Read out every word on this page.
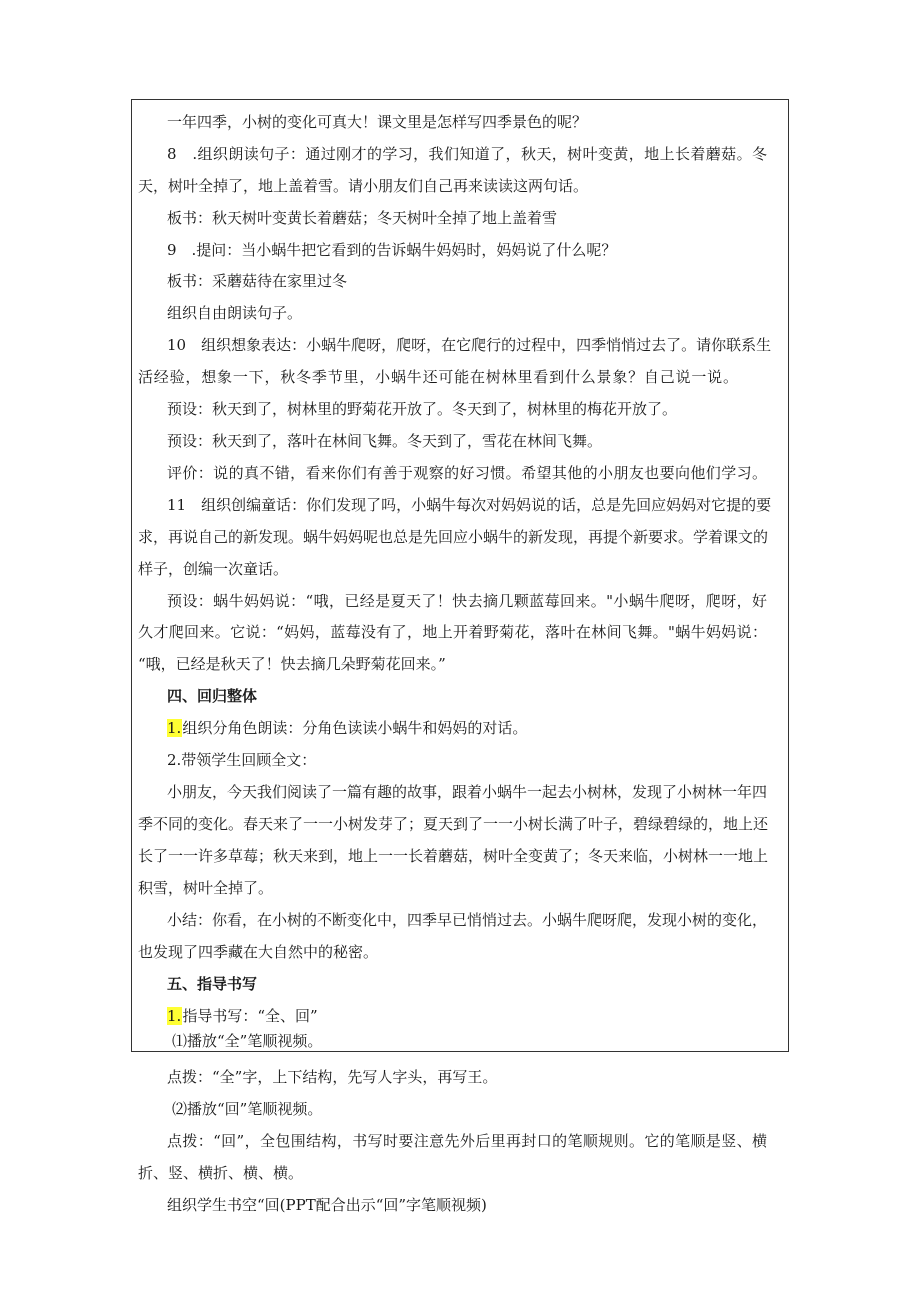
一年四季，小树的变化可真大！课文里是怎样写四季景色的呢？
8　.组织朗读句子：通过刚才的学习，我们知道了，秋天，树叶变黄，地上长着蘑菇。冬
天，树叶全掉了，地上盖着雪。请小朋友们自己再来读读这两句话。
板书：秋天树叶变黄长着蘑菇；冬天树叶全掉了地上盖着雪
9　.提问：当小蜗牛把它看到的告诉蜗牛妈妈时，妈妈说了什么呢？
板书：采蘑菇待在家里过冬
组织自由朗读句子。
10　组织想象表达：小蜗牛爬呀，爬呀，在它爬行的过程中，四季悄悄过去了。请你联系生
活经验，想象一下，秋冬季节里，小蜗牛还可能在树林里看到什么景象？自己说一说。
预设：秋天到了，树林里的野菊花开放了。冬天到了，树林里的梅花开放了。
预设：秋天到了，落叶在林间飞舞。冬天到了，雪花在林间飞舞。
评价：说的真不错，看来你们有善于观察的好习惯。希望其他的小朋友也要向他们学习。
11　组织创编童话：你们发现了吗，小蜗牛每次对妈妈说的话，总是先回应妈妈对它提的要
求，再说自己的新发现。蜗牛妈妈呢也总是先回应小蜗牛的新发现，再提个新要求。学着课文的
样子，创编一次童话。
预设：蜗牛妈妈说：“哦，已经是夏天了！快去摘几颗蓝莓回来。"小蜗牛爬呀，爬呀，好
久才爬回来。它说：“妈妈，蓝莓没有了，地上开着野菊花，落叶在林间飞舞。"蜗牛妈妈说：
“哦，已经是秋天了！快去摘几朵野菊花回来。”
四、回归整体
1.组织分角色朗读：分角色读读小蜗牛和妈妈的对话。
2.带领学生回顾全文：
小朋友，今天我们阅读了一篇有趣的故事，跟着小蜗牛一起去小树林，发现了小树林一年四
季不同的变化。春天来了一一小树发芽了；夏天到了一一小树长满了叶子，碧绿碧绿的，地上还
长了一一许多草莓；秋天来到，地上一一长着蘑菇，树叶全变黄了；冬天来临，小树林一一地上
积雪，树叶全掉了。
小结：你看，在小树的不断变化中，四季早已悄悄过去。小蜗牛爬呀爬，发现小树的变化，
也发现了四季藏在大自然中的秘密。
五、指导书写
1.指导书写：“全、回”
⑴播放“全”笔顺视频。
点拨：“全”字，上下结构，先写人字头，再写王。
⑵播放“回”笔顺视频。
点拨：“回”，全包围结构，书写时要注意先外后里再封口的笔顺规则。它的笔顺是竖、横
折、竖、横折、横、横。
组织学生书空“回(PPT配合出示“回”字笔顺视频)
